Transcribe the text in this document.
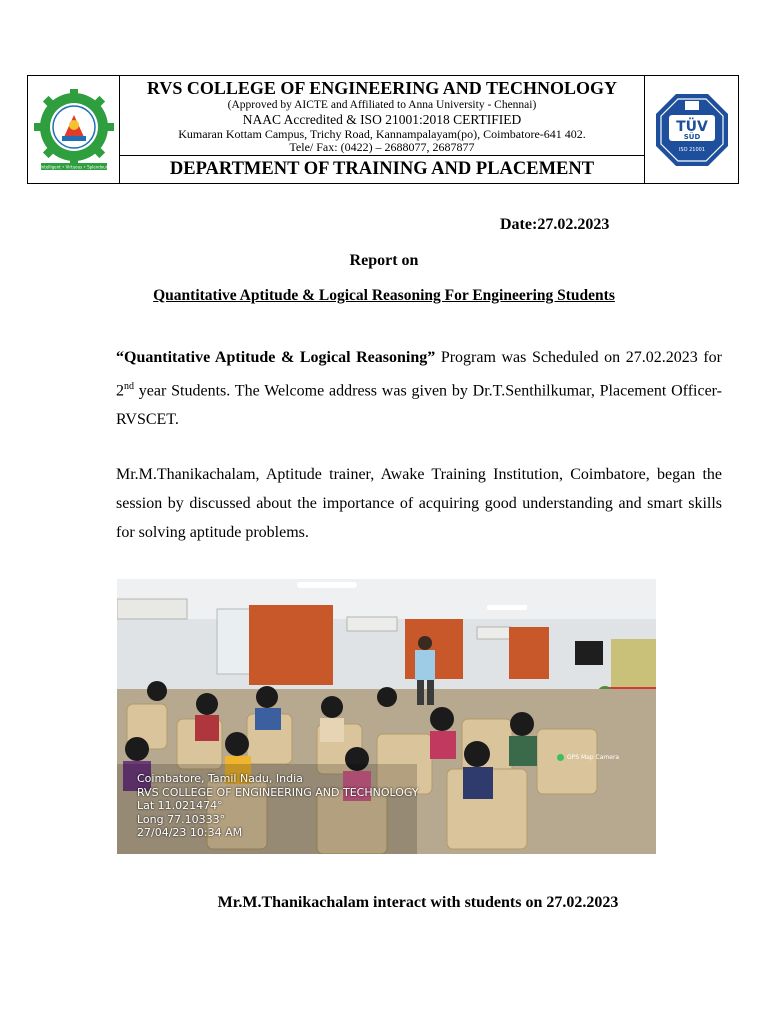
Intelligent • Virtuous • Splendour
RVS COLLEGE OF ENGINEERING AND TECHNOLOGY
(Approved by AICTE and Affiliated to Anna University - Chennai)
NAAC Accredited & ISO 21001:2018 CERTIFIED
Kumaran Kottam Campus, Trichy Road, Kannampalayam(po), Coimbatore-641 402.
Tele/ Fax: (0422) – 2688077, 2687877
DEPARTMENT OF TRAINING AND PLACEMENT
TÜV
SÜD
ISO 21001
Date:27.02.2023
Report on
Quantitative Aptitude & Logical Reasoning For Engineering Students
“Quantitative Aptitude & Logical Reasoning” Program was Scheduled on 27.02.2023 for 2nd year Students. The Welcome address was given by Dr.T.Senthilkumar, Placement Officer- RVSCET.
Mr.M.Thanikachalam, Aptitude trainer, Awake Training Institution, Coimbatore, began the session by discussed about the importance of acquiring good understanding and smart skills for solving aptitude problems.
GPS Map Camera
Coimbatore, Tamil Nadu, India
RVS COLLEGE OF ENGINEERING AND TECHNOLOGY
Lat 11.021474°
Long 77.10333°
27/04/23 10:34 AM
Mr.M.Thanikachalam interact with students on 27.02.2023
